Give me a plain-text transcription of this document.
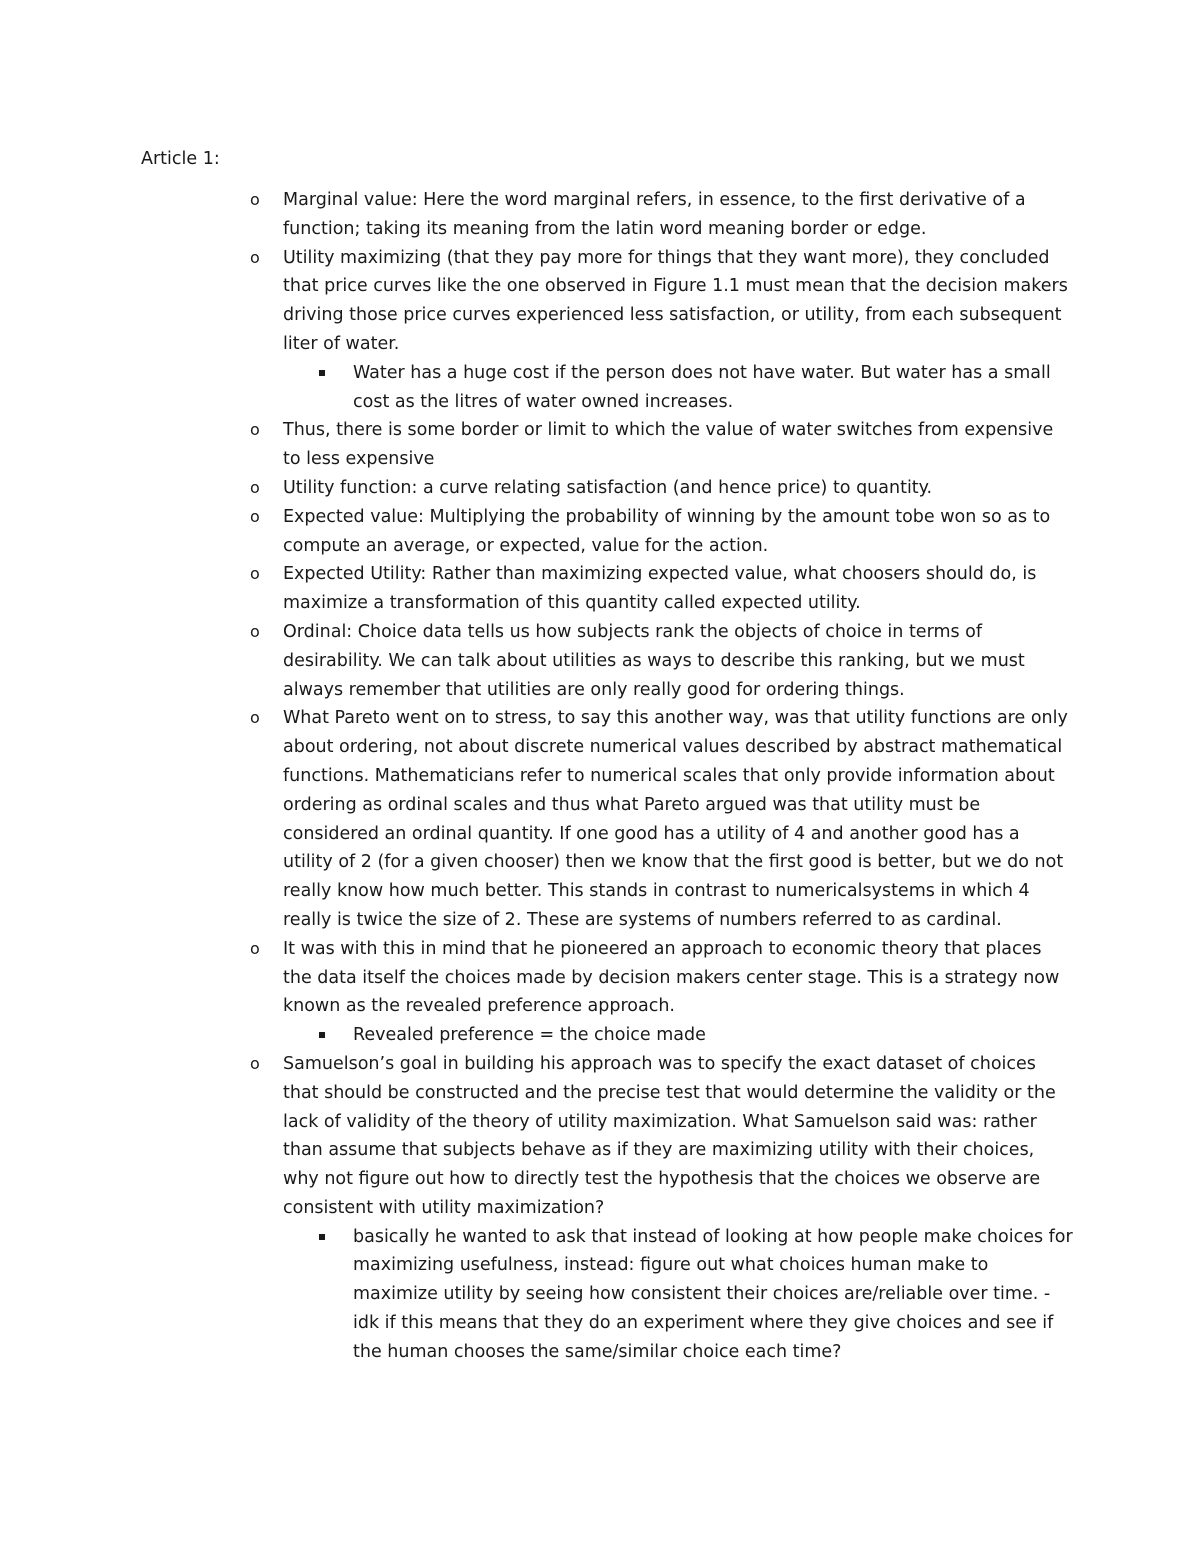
Article 1:
o Marginal value: Here the word marginal refers, in essence, to the first derivative of a function; taking its meaning from the latin word meaning border or edge.
o Utility maximizing (that they pay more for things that they want more), they concluded that price curves like the one observed in Figure 1.1 must mean that the decision makers driving those price curves experienced less satisfaction, or utility, from each subsequent liter of water.
Water has a huge cost if the person does not have water. But water has a small cost as the litres of water owned increases.
o Thus, there is some border or limit to which the value of water switches from expensive to less expensive
o Utility function: a curve relating satisfaction (and hence price) to quantity.
o Expected value: Multiplying the probability of winning by the amount tobe won so as to compute an average, or expected, value for the action.
o Expected Utility: Rather than maximizing expected value, what choosers should do, is maximize a transformation of this quantity called expected utility.
o Ordinal: Choice data tells us how subjects rank the objects of choice in terms of desirability. We can talk about utilities as ways to describe this ranking, but we must always remember that utilities are only really good for ordering things.
o What Pareto went on to stress, to say this another way, was that utility functions are only about ordering, not about discrete numerical values described by abstract mathematical functions. Mathematicians refer to numerical scales that only provide information about ordering as ordinal scales and thus what Pareto argued was that utility must be considered an ordinal quantity. If one good has a utility of 4 and another good has a utility of 2 (for a given chooser) then we know that the first good is better, but we do not really know how much better. This stands in contrast to numericalsystems in which 4 really is twice the size of 2. These are systems of numbers referred to as cardinal.
o It was with this in mind that he pioneered an approach to economic theory that places the data itself the choices made by decision makers center stage. This is a strategy now known as the revealed preference approach.
Revealed preference = the choice made
o Samuelson’s goal in building his approach was to specify the exact dataset of choices that should be constructed and the precise test that would determine the validity or the lack of validity of the theory of utility maximization. What Samuelson said was: rather than assume that subjects behave as if they are maximizing utility with their choices, why not figure out how to directly test the hypothesis that the choices we observe are consistent with utility maximization?
basically he wanted to ask that instead of looking at how people make choices for maximizing usefulness, instead: figure out what choices human make to maximize utility by seeing how consistent their choices are/reliable over time. - idk if this means that they do an experiment where they give choices and see if the human chooses the same/similar choice each time?
